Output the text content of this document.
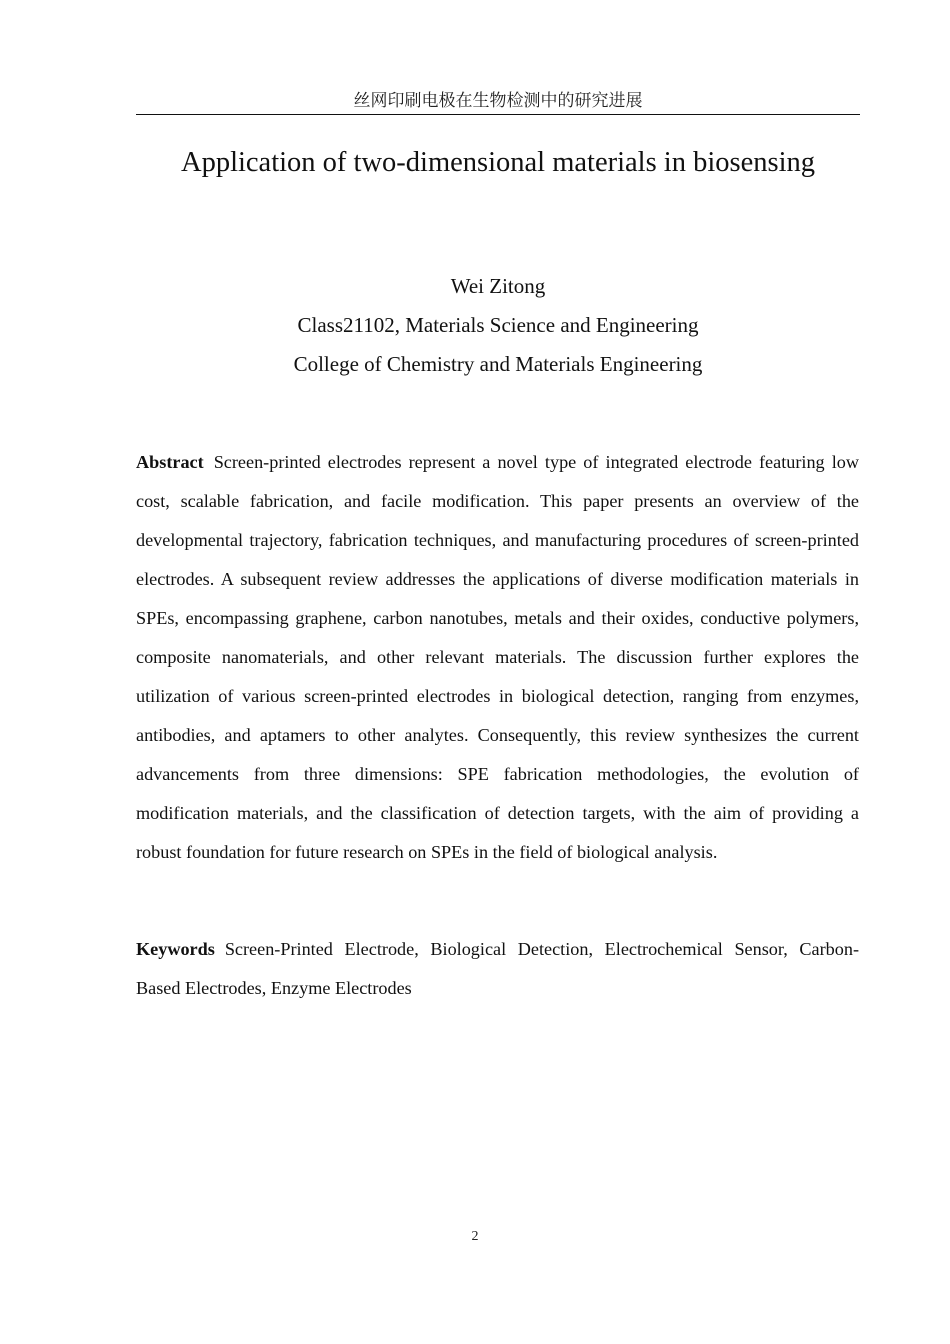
丝网印刷电极在生物检测中的研究进展
Application of two-dimensional materials in biosensing
Wei Zitong
Class21102, Materials Science and Engineering
College of Chemistry and Materials Engineering

Abstract Screen-printed electrodes represent a novel type of integrated electrode featuring low cost, scalable fabrication, and facile modification. This paper presents an overview of the developmental trajectory, fabrication techniques, and manufacturing procedures of screen-printed electrodes. A subsequent review addresses the applications of diverse modification materials in SPEs, encompassing graphene, carbon nanotubes, metals and their oxides, conductive polymers, composite nanomaterials, and other relevant materials. The discussion further explores the utilization of various screen-printed electrodes in biological detection, ranging from enzymes, antibodies, and aptamers to other analytes. Consequently, this review synthesizes the current advancements from three dimensions: SPE fabrication methodologies, the evolution of modification materials, and the classification of detection targets, with the aim of providing a robust foundation for future research on SPEs in the field of biological analysis.

Keywords Screen-Printed Electrode, Biological Detection, Electrochemical Sensor, Carbon-Based Electrodes, Enzyme Electrodes

2
